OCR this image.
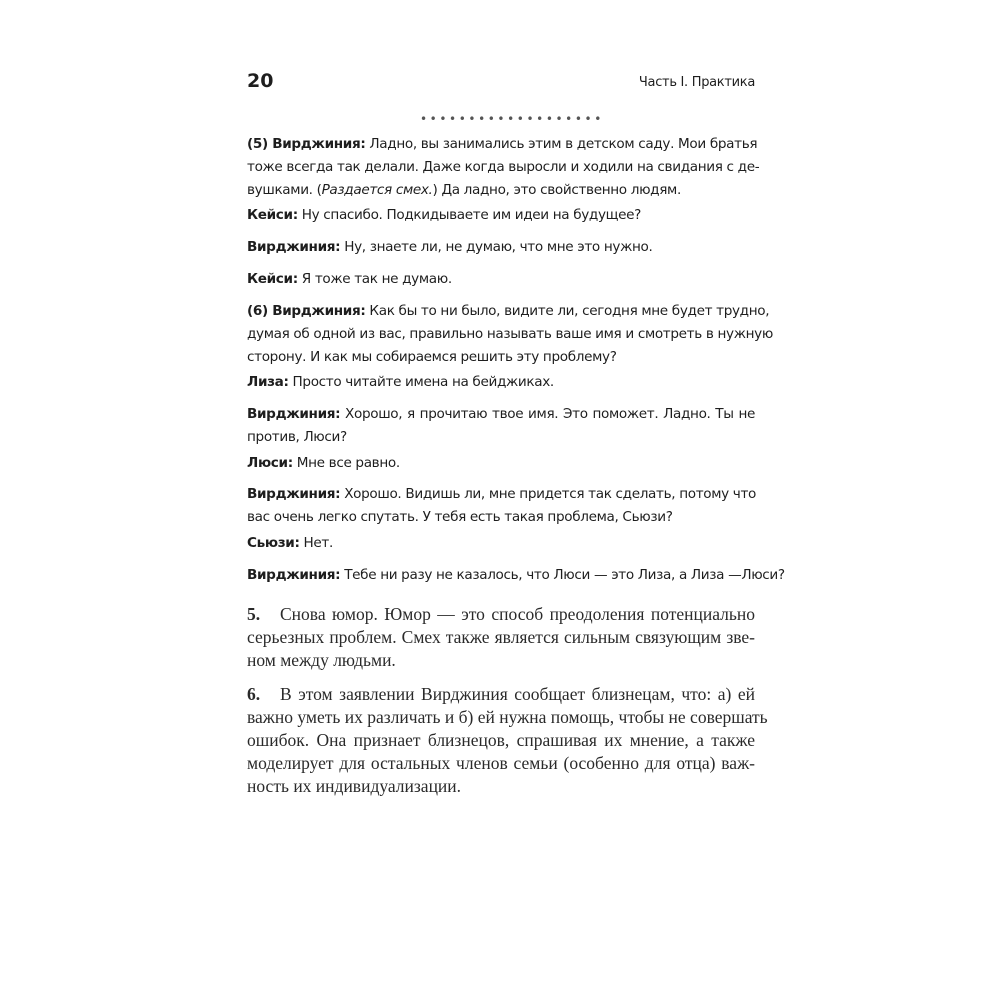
20	Часть I. Практика
•••••••••••••••••••
(5) Вирджиния: Ладно, вы занимались этим в детском саду. Мои братья
тоже всегда так делали. Даже когда выросли и ходили на свидания с де-
вушками. (Раздается смех.) Да ладно, это свойственно людям.
Кейси: Ну спасибо. Подкидываете им идеи на будущее?
Вирджиния: Ну, знаете ли, не думаю, что мне это нужно.
Кейси: Я тоже так не думаю.
(6) Вирджиния: Как бы то ни было, видите ли, сегодня мне будет трудно,
думая об одной из вас, правильно называть ваше имя и смотреть в нужную
сторону. И как мы собираемся решить эту проблему?
Лиза: Просто читайте имена на бейджиках.
Вирджиния: Хорошо, я прочитаю твое имя. Это поможет. Ладно. Ты не
против, Люси?
Люси: Мне все равно.
Вирджиния: Хорошо. Видишь ли, мне придется так сделать, потому что
вас очень легко спутать. У тебя есть такая проблема, Сьюзи?
Сьюзи: Нет.
Вирджиния: Тебе ни разу не казалось, что Люси — это Лиза, а Лиза —Люси?
5. Снова юмор. Юмор — это способ преодоления потенциально
серьезных проблем. Смех также является сильным связующим зве-
ном между людьми.
6. В этом заявлении Вирджиния сообщает близнецам, что: а) ей
важно уметь их различать и б) ей нужна помощь, чтобы не совершать
ошибок. Она признает близнецов, спрашивая их мнение, а также
моделирует для остальных членов семьи (особенно для отца) важ-
ность их индивидуализации.
